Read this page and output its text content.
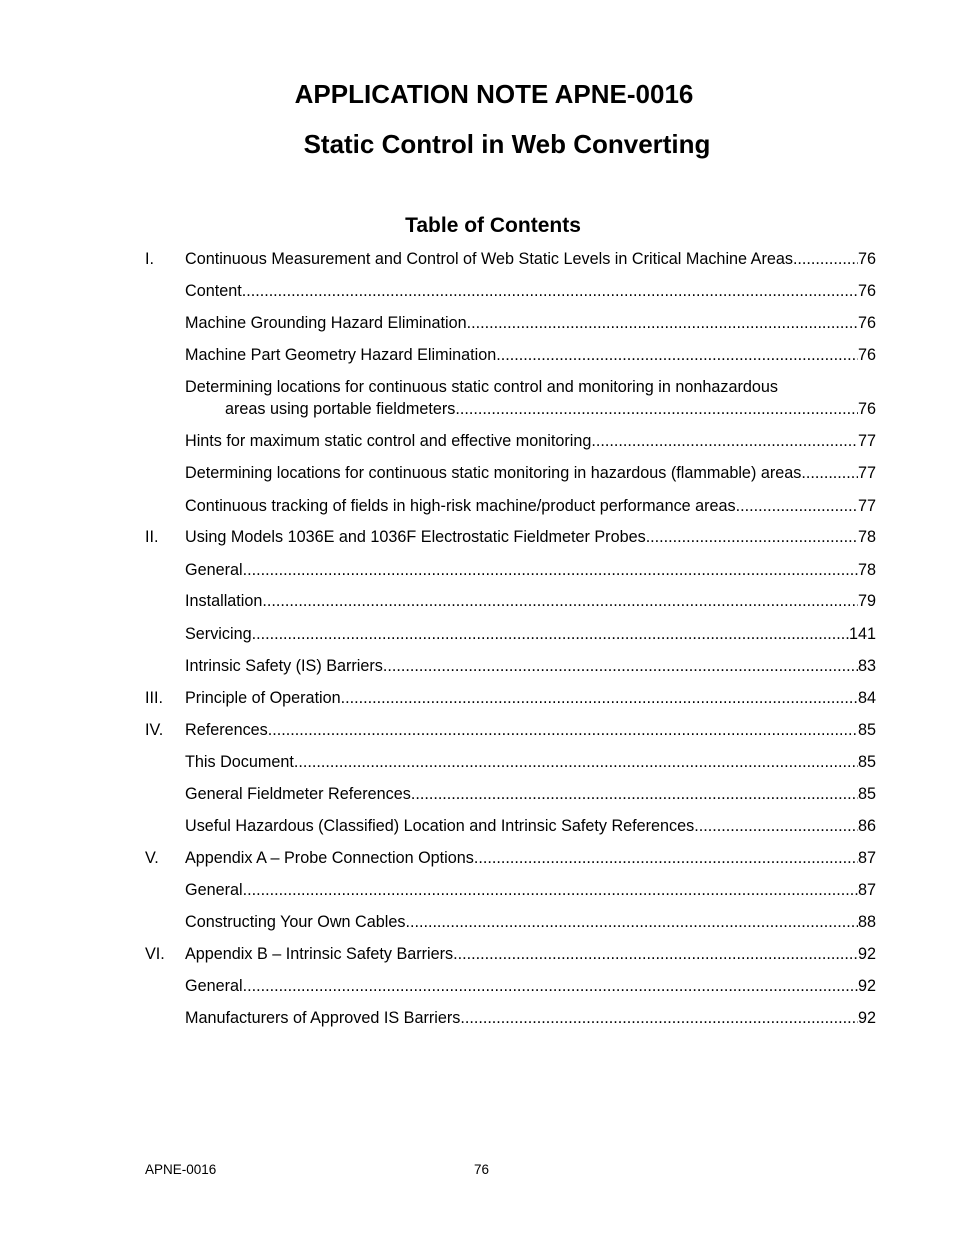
APPLICATION NOTE APNE-0016
Static Control in Web Converting
Table of Contents
I. Continuous Measurement and Control of Web Static Levels in Critical Machine Areas .....	76
Content .....	76
Machine Grounding Hazard Elimination .....	76
Machine Part Geometry Hazard Elimination .....	76
Determining locations for continuous static control and monitoring in nonhazardous
areas using portable fieldmeters .....	76
Hints for maximum static control and effective monitoring .....	77
Determining locations for continuous static monitoring in hazardous (flammable) areas .....	77
Continuous tracking of fields in high-risk machine/product performance areas .....	77
II. Using Models 1036E and 1036F Electrostatic Fieldmeter Probes .....	78
General .....	78
Installation .....	79
Servicing .....	141
Intrinsic Safety (IS) Barriers .....	83
III. Principle of Operation .....	84
IV. References .....	85
This Document .....	85
General Fieldmeter References .....	85
Useful Hazardous (Classified) Location and Intrinsic Safety References .....	86
V. Appendix A – Probe Connection Options .....	87
General .....	87
Constructing Your Own Cables .....	88
VI. Appendix B – Intrinsic Safety Barriers .....	92
General .....	92
Manufacturers of Approved IS Barriers .....	92
APNE-0016	76
